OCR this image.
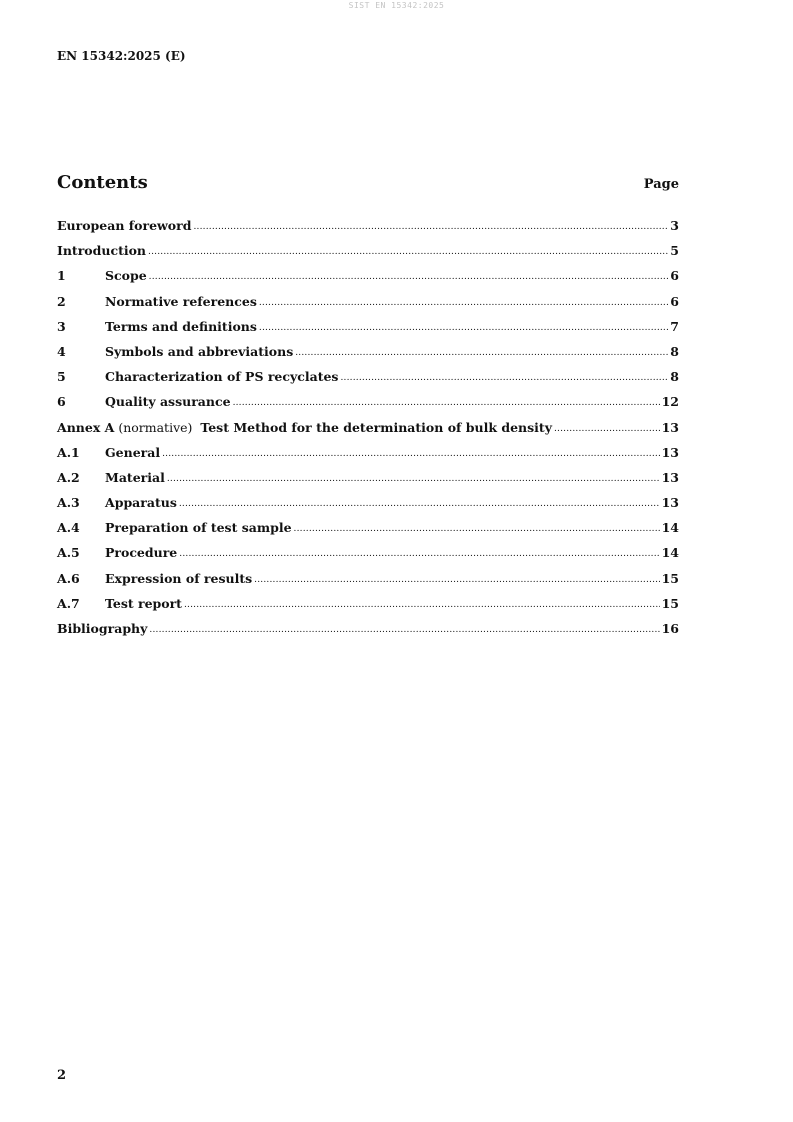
SIST EN 15342:2025
EN 15342:2025 (E)
Contents	Page
European foreword .....	3
Introduction .....	5
1	Scope .....	6
2	Normative references .....	6
3	Terms and definitions .....	7
4	Symbols and abbreviations .....	8
5	Characterization of PS recyclates .....	8
6	Quality assurance .....	12
Annex A (normative)  Test Method for the determination of bulk density .....	13
A.1	General .....	13
A.2	Material .....	13
A.3	Apparatus .....	13
A.4	Preparation of test sample .....	14
A.5	Procedure .....	14
A.6	Expression of results .....	15
A.7	Test report .....	15
Bibliography .....	16
2
